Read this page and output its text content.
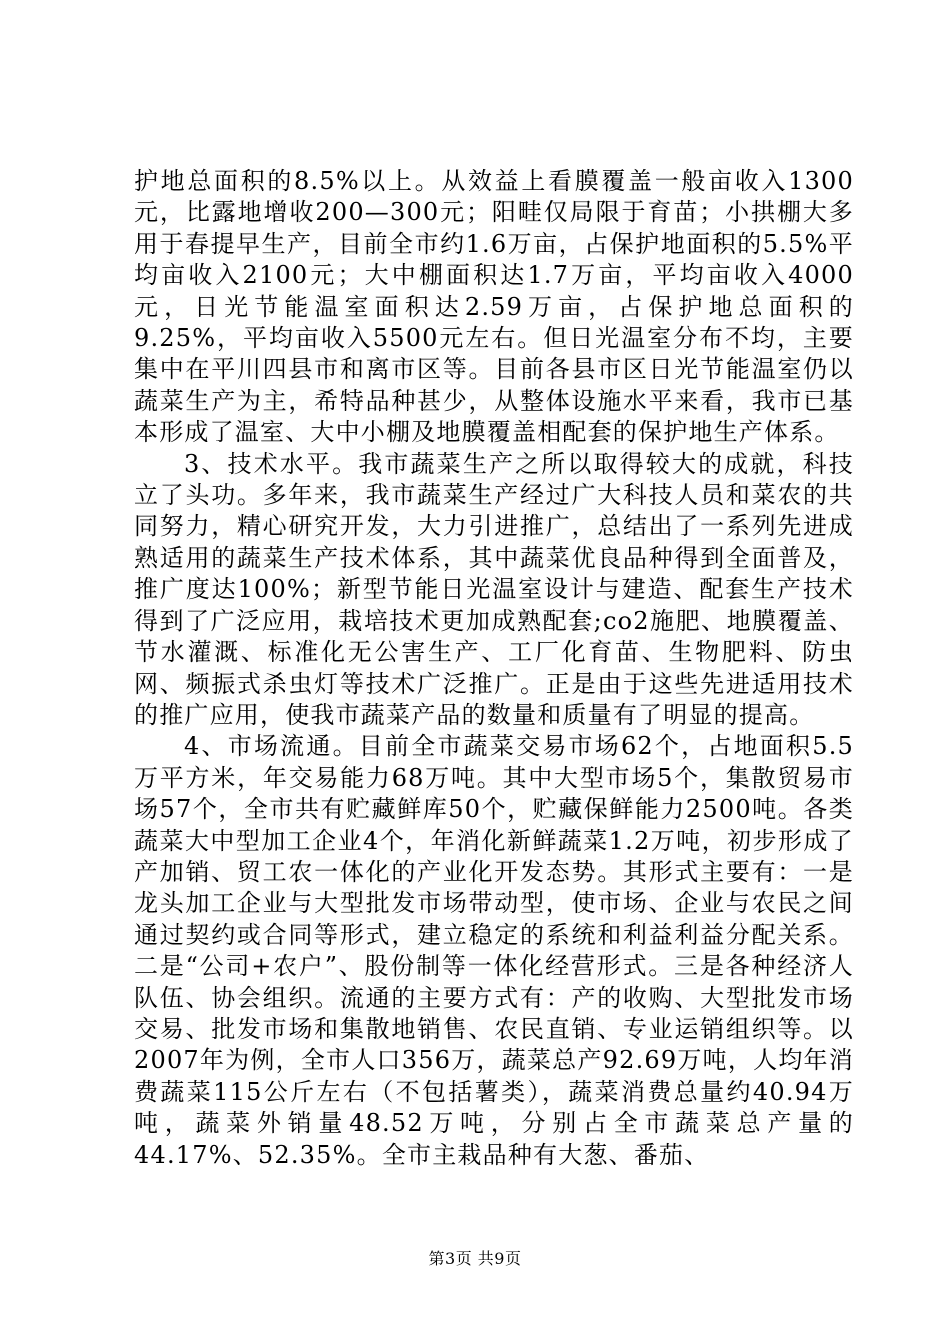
护地总面积的8.5%以上。从效益上看膜覆盖一般亩收入1300元，比露地增收200—300元；阳畦仅局限于育苗；小拱棚大多用于春提早生产，目前全市约1.6万亩，占保护地面积的5.5%平均亩收入2100元；大中棚面积达1.7万亩，平均亩收入4000元，日光节能温室面积达2.59万亩，占保护地总面积的9.25%，平均亩收入5500元左右。但日光温室分布不均，主要集中在平川四县市和离市区等。目前各县市区日光节能温室仍以蔬菜生产为主，希特品种甚少，从整体设施水平来看，我市已基本形成了温室、大中小棚及地膜覆盖相配套的保护地生产体系。

3、技术水平。我市蔬菜生产之所以取得较大的成就，科技立了头功。多年来，我市蔬菜生产经过广大科技人员和菜农的共同努力，精心研究开发，大力引进推广，总结出了一系列先进成熟适用的蔬菜生产技术体系，其中蔬菜优良品种得到全面普及，推广度达100%；新型节能日光温室设计与建造、配套生产技术得到了广泛应用，栽培技术更加成熟配套;co2施肥、地膜覆盖、节水灌溉、标准化无公害生产、工厂化育苗、生物肥料、防虫网、频振式杀虫灯等技术广泛推广。正是由于这些先进适用技术的推广应用，使我市蔬菜产品的数量和质量有了明显的提高。

4、市场流通。目前全市蔬菜交易市场62个，占地面积5.5万平方米，年交易能力68万吨。其中大型市场5个，集散贸易市场57个，全市共有贮藏鲜库50个，贮藏保鲜能力2500吨。各类蔬菜大中型加工企业4个，年消化新鲜蔬菜1.2万吨，初步形成了产加销、贸工农一体化的产业化开发态势。其形式主要有：一是龙头加工企业与大型批发市场带动型，使市场、企业与农民之间通过契约或合同等形式，建立稳定的系统和利益利益分配关系。二是“公司+农户”、股份制等一体化经营形式。三是各种经济人队伍、协会组织。流通的主要方式有：产的收购、大型批发市场交易、批发市场和集散地销售、农民直销、专业运销组织等。以2007年为例，全市人口356万，蔬菜总产92.69万吨，人均年消费蔬菜115公斤左右（不包括薯类），蔬菜消费总量约40.94万吨，蔬菜外销量48.52万吨，分别占全市蔬菜总产量的44.17%、52.35%。全市主栽品种有大葱、番茄、

第3页 共9页
